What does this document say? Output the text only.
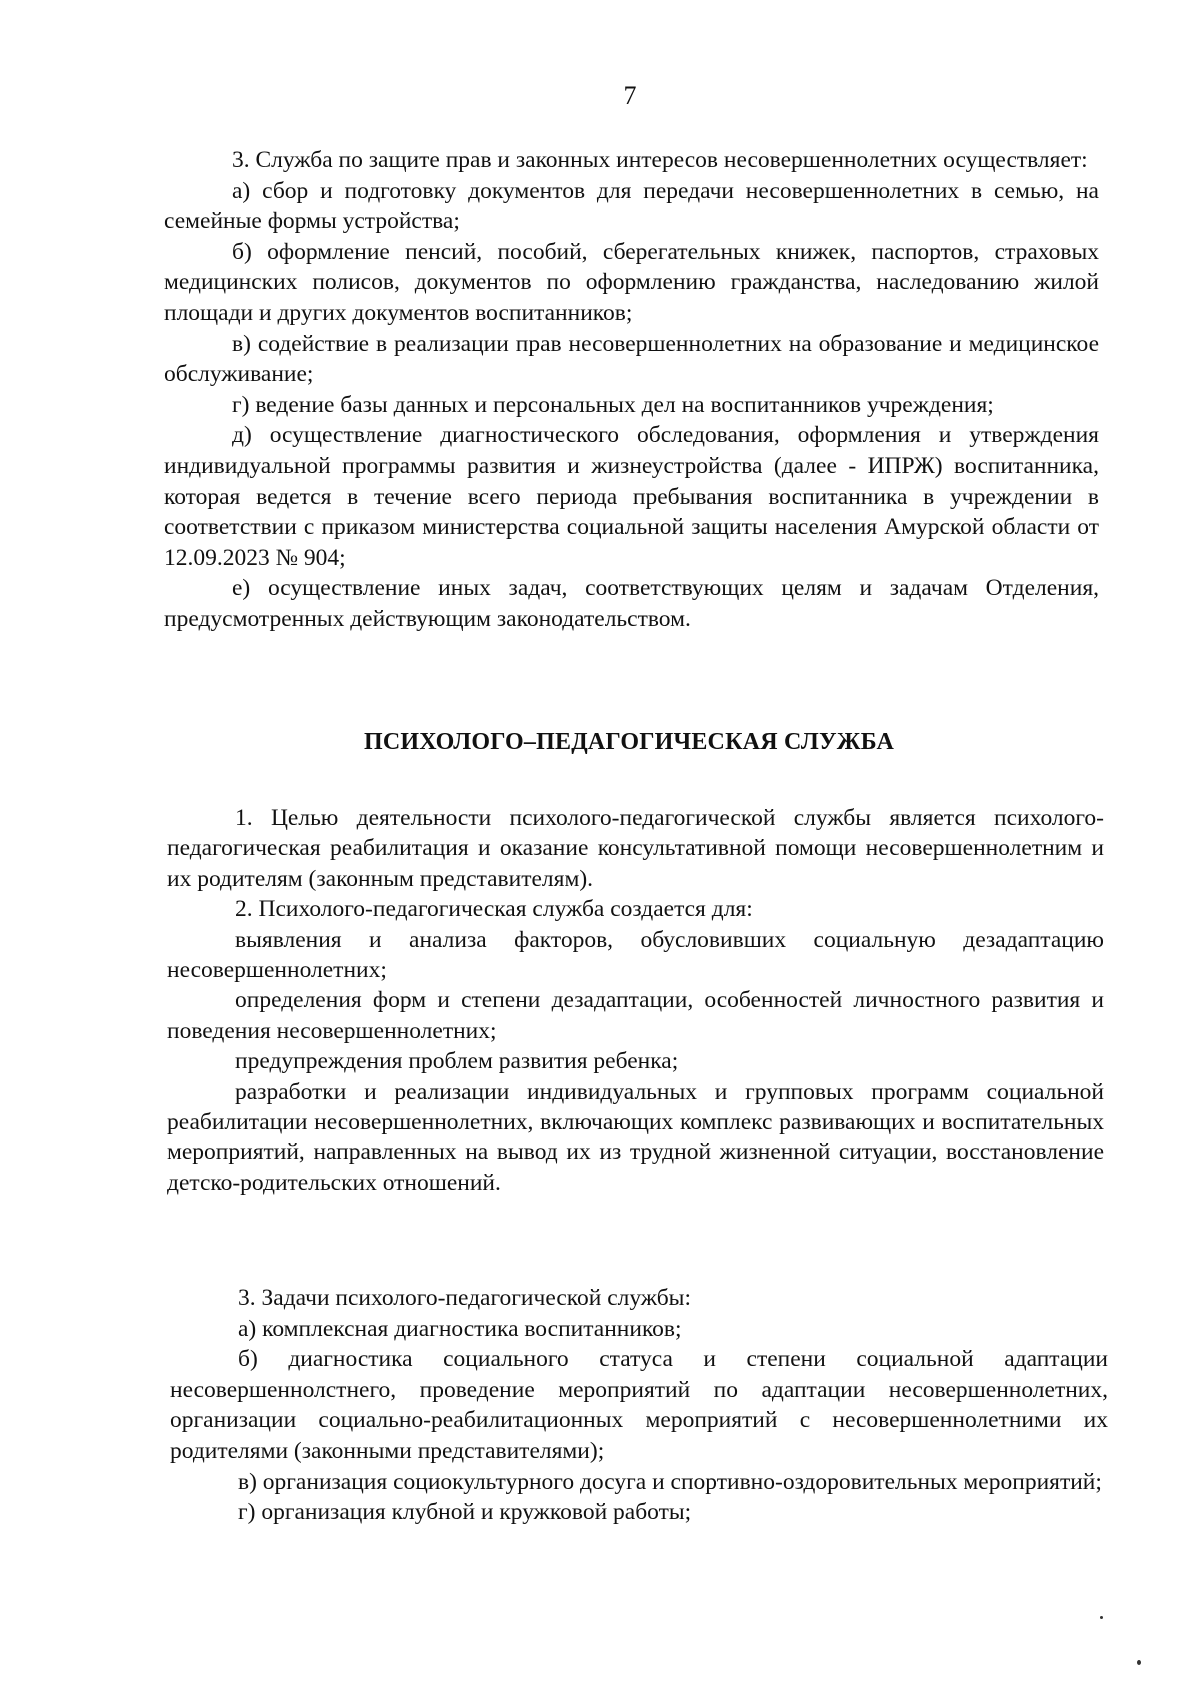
7

3. Служба по защите прав и законных интересов несовершеннолетних осуществляет:

а) сбор и подготовку документов для передачи несовершеннолетних в семью, на семейные формы устройства;

б) оформление пенсий, пособий, сберегательных книжек, паспортов, страховых медицинских полисов, документов по оформлению гражданства, наследованию жилой площади и других документов воспитанников;

в) содействие в реализации прав несовершеннолетних на образование и медицинское обслуживание;

г) ведение базы данных и персональных дел на воспитанников учреждения;

д) осуществление диагностического обследования, оформления и утверждения индивидуальной программы развития и жизнеустройства (далее - ИПРЖ) воспитанника, которая ведется в течение всего периода пребывания воспитанника в учреждении в соответствии с приказом министерства социальной защиты населения Амурской области от 12.09.2023 № 904;

е) осуществление иных задач, соответствующих целям и задачам Отделения, предусмотренных действующим законодательством.

ПСИХОЛОГО–ПЕДАГОГИЧЕСКАЯ СЛУЖБА

1. Целью деятельности психолого-педагогической службы является психолого-педагогическая реабилитация и оказание консультативной помощи несовершеннолетним и их родителям (законным представителям).

2. Психолого-педагогическая служба создается для:

выявления и анализа факторов, обусловивших социальную дезадаптацию несовершеннолетних;

определения форм и степени дезадаптации, особенностей личностного развития и поведения несовершеннолетних;

предупреждения проблем развития ребенка;

разработки и реализации индивидуальных и групповых программ социальной реабилитации несовершеннолетних, включающих комплекс развивающих и воспитательных мероприятий, направленных на вывод их из трудной жизненной ситуации, восстановление детско-родительских отношений.

3. Задачи психолого-педагогической службы:

а) комплексная диагностика воспитанников;

б) диагностика социального статуса и степени социальной адаптации несовершеннолстнего, проведение мероприятий по адаптации несовершеннолетних, организации социально-реабилитационных мероприятий с несовершеннолетними их родителями (законными представителями);

в) организация социокультурного досуга и спортивно-оздоровительных мероприятий;

г) организация клубной и кружковой работы;
